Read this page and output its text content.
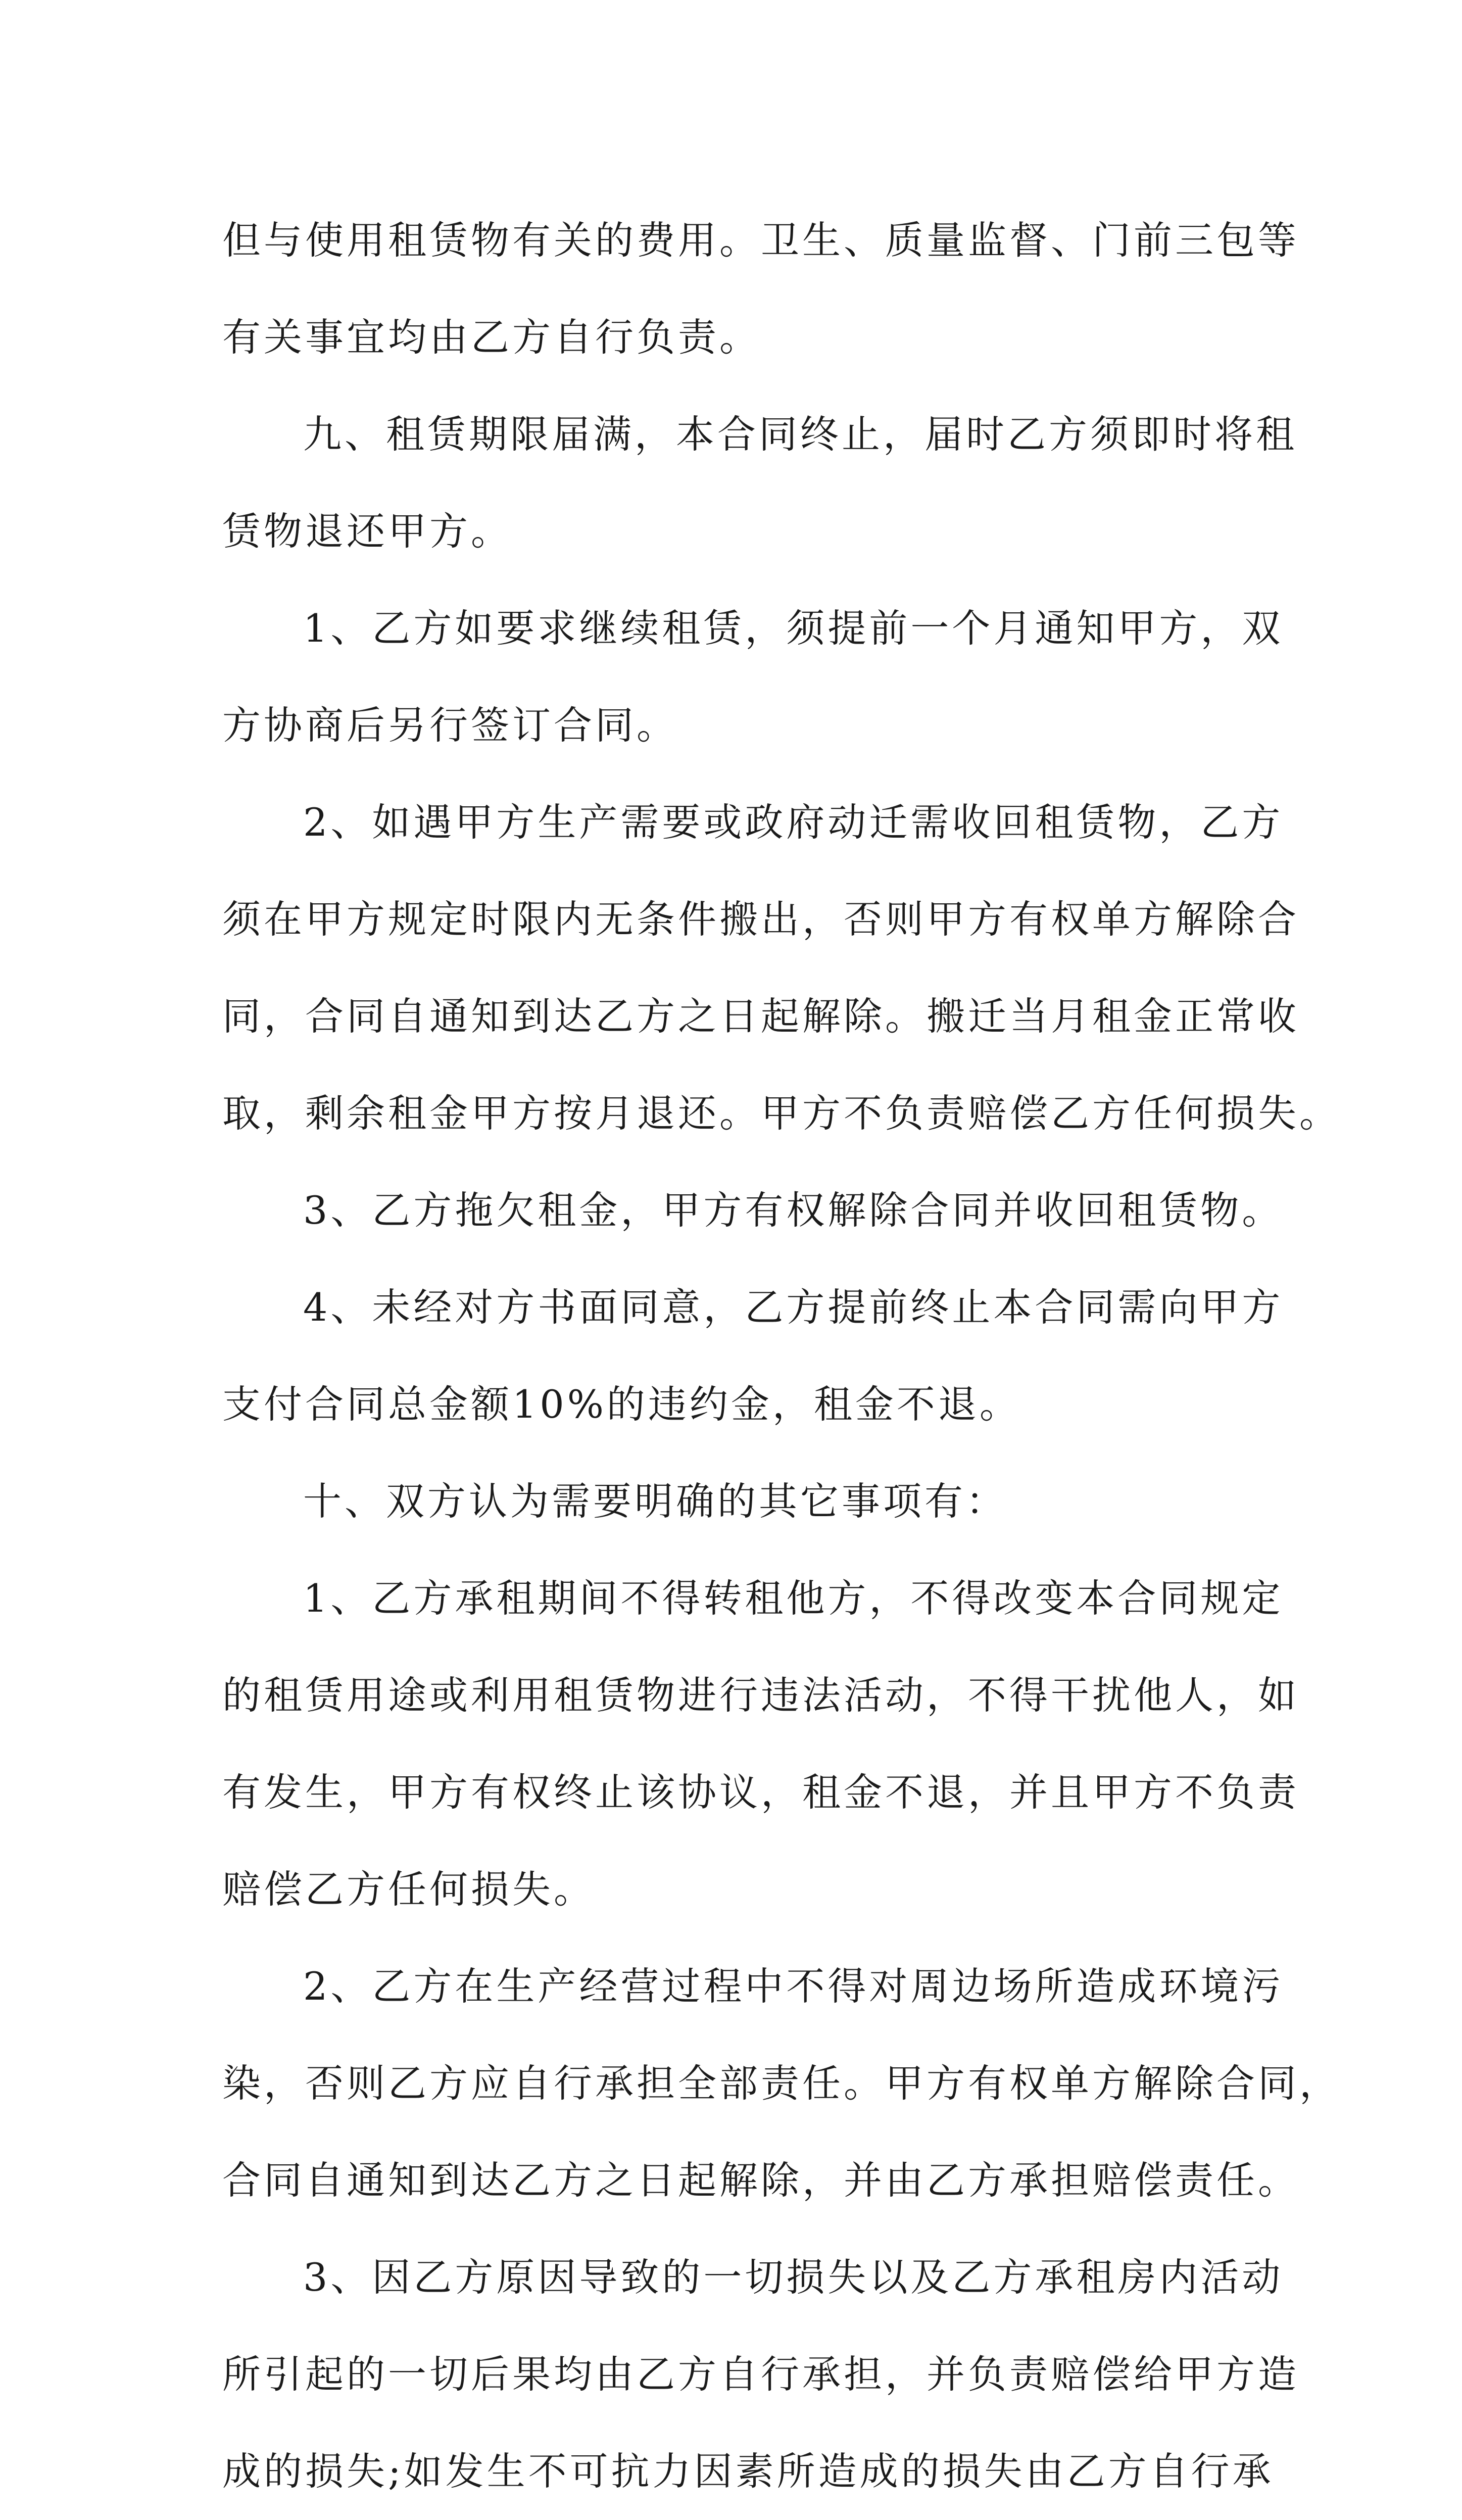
但与使用租赁物有关的费用。卫生、质量监督、门前三包等
有关事宜均由乙方自行负责。
九、租赁期限届满，本合同终止，届时乙方须即时将租
赁物退还甲方。
1、乙方如要求继续租赁，须提前一个月通知甲方，双
方协商后另行签订合同。
2、如遇甲方生产需要或政府动迁需收回租赁物，乙方
须在甲方规定时限内无条件搬出，否则甲方有权单方解除合
同，合同自通知到达乙方之日起解除。搬迁当月租金正常收
取，剩余租金甲方按月退还。甲方不负责赔偿乙方任何损失。
3、乙方拖欠租金，甲方有权解除合同并收回租赁物。
4、未经对方书面同意，乙方提前终止本合同需向甲方
支付合同总金额10%的违约金，租金不退。
十、双方认为需要明确的其它事项有：
1、乙方承租期间不得转租他方，不得改变本合同规定
的租赁用途或利用租赁物进行违法活动，不得干扰他人，如
有发生，甲方有权终止该协议，租金不退，并且甲方不负责
赔偿乙方任何损失。
2、乙方在生产经营过程中不得对周边场所造成环境污
染，否则乙方应自行承担全部责任。甲方有权单方解除合同，
合同自通知到达乙方之日起解除，并由乙方承担赔偿责任。
3、因乙方原因导致的一切损失以及乙方承租房内活动
所引起的一切后果均由乙方自行承担，并负责赔偿给甲方造
成的损失;如发生不可抗力因素所造成的损失由乙方自行承
